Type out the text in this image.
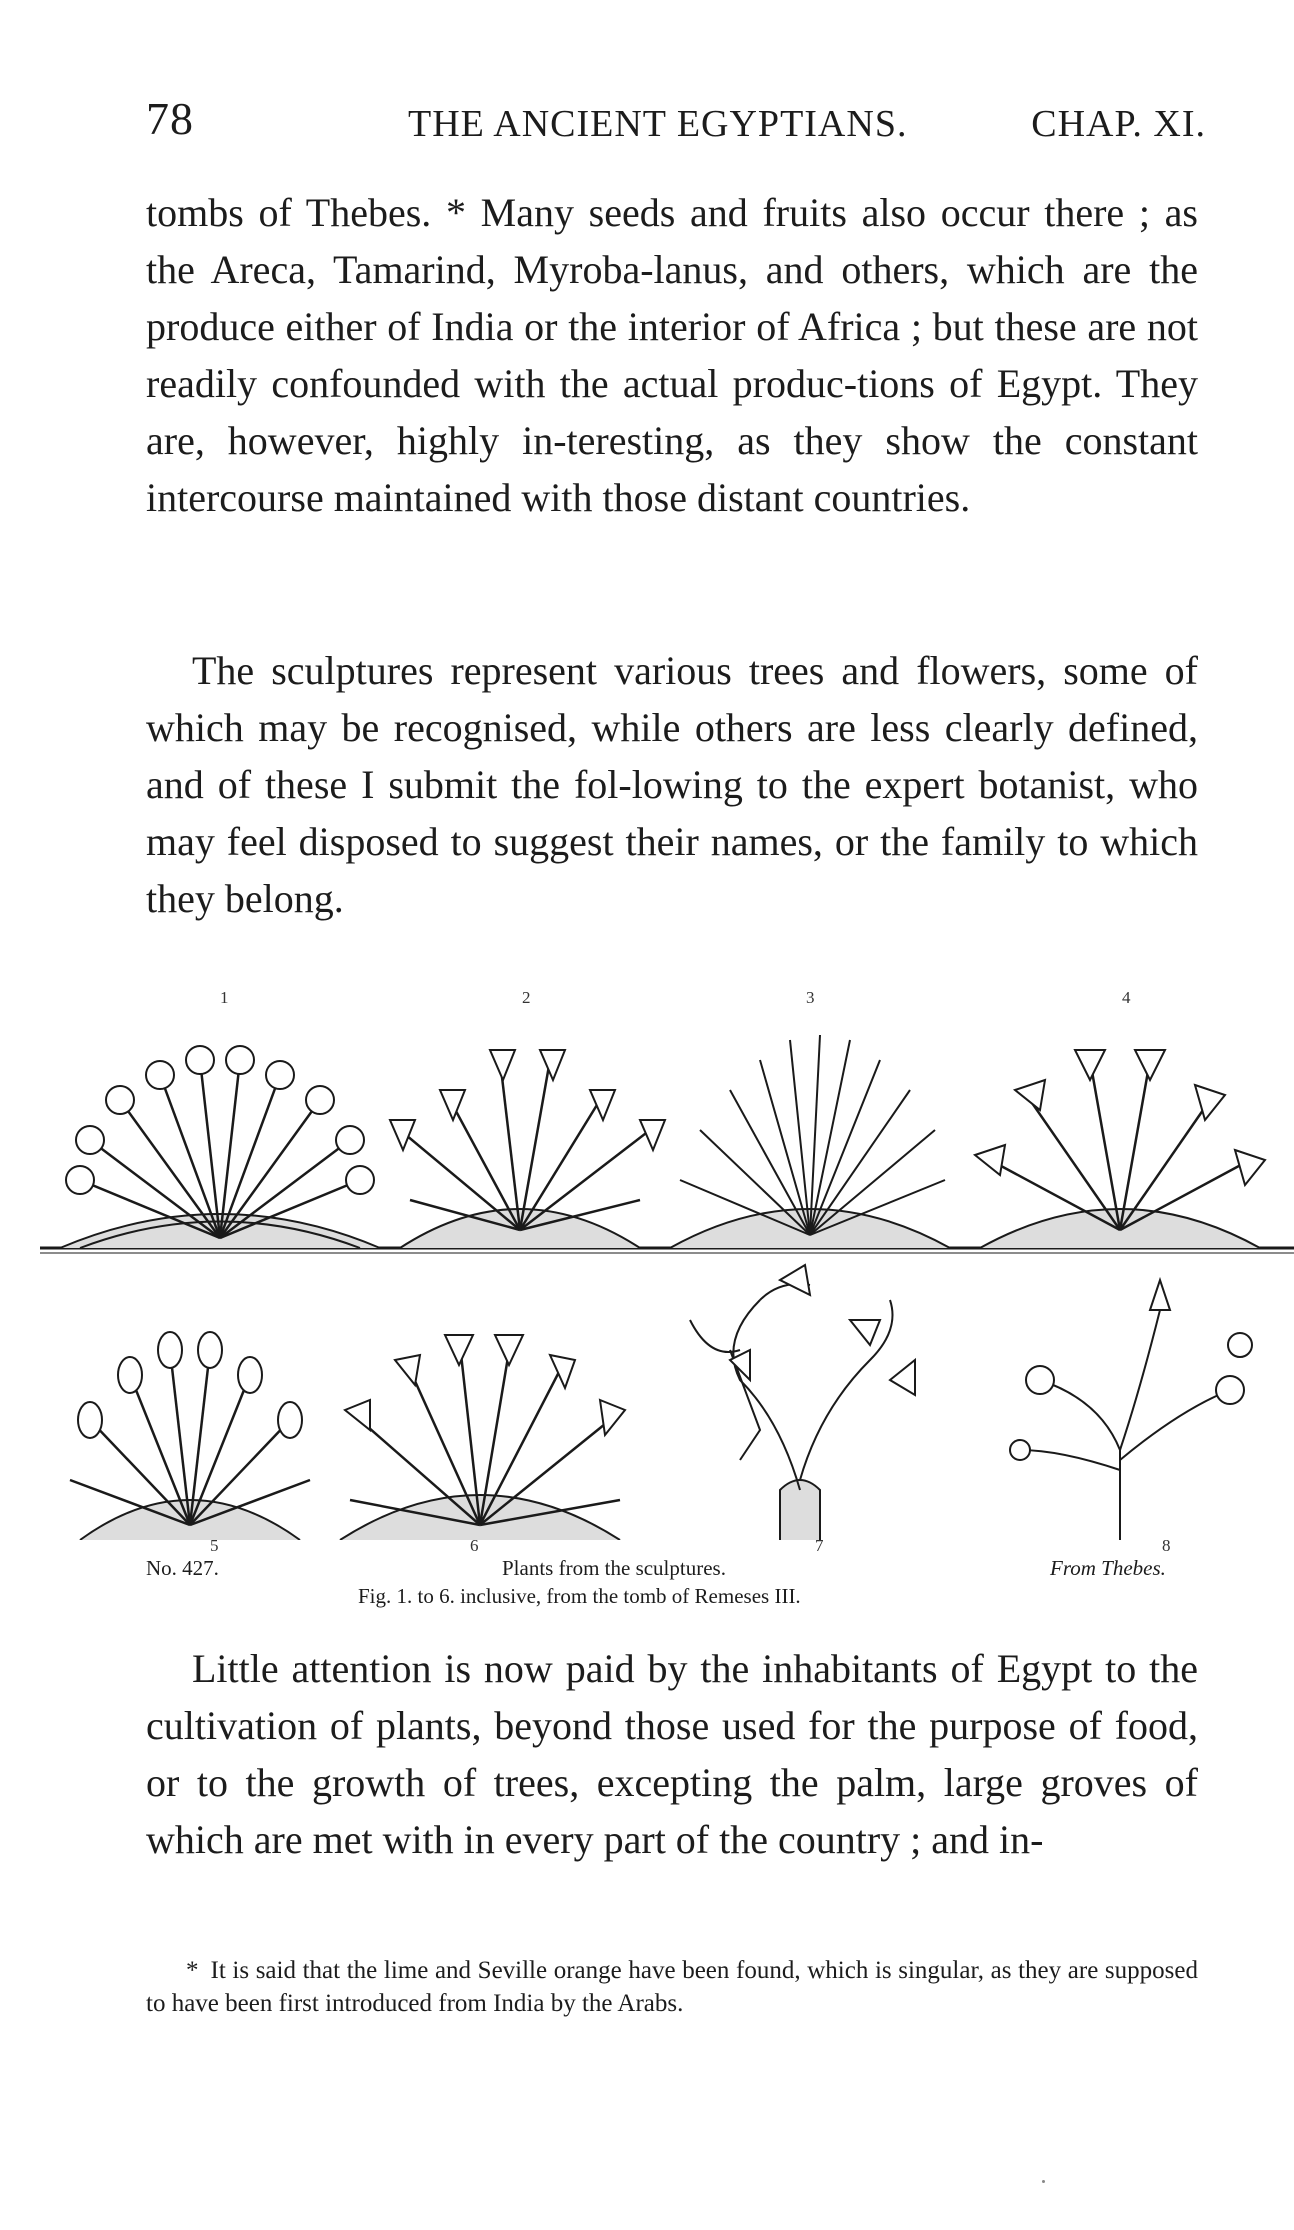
78	THE ANCIENT EGYPTIANS.	CHAP. XI.

tombs of Thebes. * Many seeds and fruits also occur there ; as the Areca, Tamarind, Myroba-lanus, and others, which are the produce either of India or the interior of Africa ; but these are not readily confounded with the actual produc-tions of Egypt. They are, however, highly in-teresting, as they show the constant intercourse maintained with those distant countries.

The sculptures represent various trees and flowers, some of which may be recognised, while others are less clearly defined, and of these I submit the fol-lowing to the expert botanist, who may feel disposed to suggest their names, or the family to which they belong.

1	2	3	4
5	6	7	8
No. 427.	Plants from the sculptures.	From Thebes.
Fig. 1. to 6. inclusive, from the tomb of Remeses III.

Little attention is now paid by the inhabitants of Egypt to the cultivation of plants, beyond those used for the purpose of food, or to the growth of trees, excepting the palm, large groves of which are met with in every part of the country ; and in-

* It is said that the lime and Seville orange have been found, which is singular, as they are supposed to have been first introduced from India by the Arabs.
